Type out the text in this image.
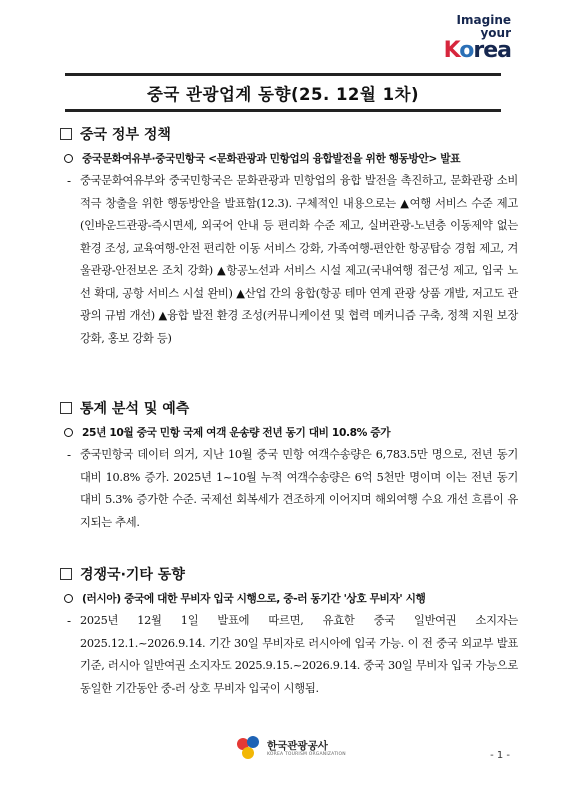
Imagine
your
Korea
중국 관광업계 동향(25. 12월 1차)
중국 정부 정책
중국문화여유부·중국민항국 <문화관광과 민항업의 융합발전을 위한 행동방안> 발표
- 중국문화여유부와 중국민항국은 문화관광과 민항업의 융합 발전을 촉진하고, 문화관광 소비 적극 창출을 위한 행동방안을 발표함(12.3). 구체적인 내용으로는 ▲여행 서비스 수준 제고(인바운드관광-즉시면세, 외국어 안내 등 편리화 수준 제고, 실버관광-노년층 이동제약 없는 환경 조성, 교육여행-안전 편리한 이동 서비스 강화, 가족여행-편안한 항공탑승 경험 제고, 겨울관광-안전보온 조치 강화) ▲항공노선과 서비스 시설 제고(국내여행 접근성 제고, 입국 노선 확대, 공항 서비스 시설 완비) ▲산업 간의 융합(항공 테마 연계 관광 상품 개발, 저고도 관광의 규범 개선) ▲융합 발전 환경 조성(커뮤니케이션 및 협력 메커니즘 구축, 정책 지원 보장 강화, 홍보 강화 등)
통계 분석 및 예측
25년 10월 중국 민항 국제 여객 운송량 전년 동기 대비 10.8% 증가
- 중국민항국 데이터 의거, 지난 10월 중국 민항 여객수송량은 6,783.5만 명으로, 전년 동기 대비 10.8% 증가. 2025년 1~10월 누적 여객수송량은 6억 5천만 명이며 이는 전년 동기 대비 5.3% 증가한 수준. 국제선 회복세가 견조하게 이어지며 해외여행 수요 개선 흐름이 유지되는 추세.
경쟁국·기타 동향
(러시아) 중국에 대한 무비자 입국 시행으로, 중-러 동기간 '상호 무비자' 시행
- 2025년 12월 1일 발표에 따르면, 유효한 중국 일반여권 소지자는 2025.12.1.~2026.9.14. 기간 30일 무비자로 러시아에 입국 가능. 이 전 중국 외교부 발표 기준, 러시아 일반여권 소지자도 2025.9.15.~2026.9.14. 중국 30일 무비자 입국 가능으로 동일한 기간동안 중-러 상호 무비자 입국이 시행됨.
한국관광공사
KOREA TOURISM ORGANIZATION	- 1 -
